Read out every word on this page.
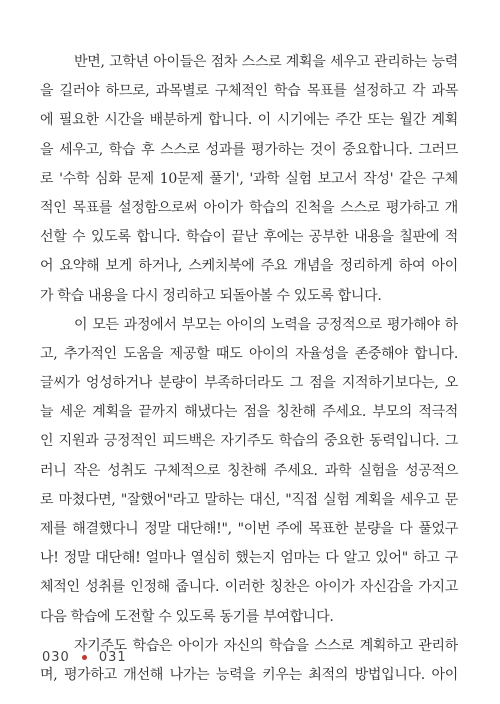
반면, 고학년 아이들은 점차 스스로 계획을 세우고 관리하는 능력
을 길러야 하므로, 과목별로 구체적인 학습 목표를 설정하고 각 과목
에 필요한 시간을 배분하게 합니다. 이 시기에는 주간 또는 월간 계획
을 세우고, 학습 후 스스로 성과를 평가하는 것이 중요합니다. 그러므
로 '수학 심화 문제 10문제 풀기', '과학 실험 보고서 작성' 같은 구체
적인 목표를 설정함으로써 아이가 학습의 진척을 스스로 평가하고 개
선할 수 있도록 합니다. 학습이 끝난 후에는 공부한 내용을 칠판에 적
어 요약해 보게 하거나, 스케치북에 주요 개념을 정리하게 하여 아이
가 학습 내용을 다시 정리하고 되돌아볼 수 있도록 합니다.
이 모든 과정에서 부모는 아이의 노력을 긍정적으로 평가해야 하
고, 추가적인 도움을 제공할 때도 아이의 자율성을 존중해야 합니다.
글씨가 엉성하거나 분량이 부족하더라도 그 점을 지적하기보다는, 오
늘 세운 계획을 끝까지 해냈다는 점을 칭찬해 주세요. 부모의 적극적
인 지원과 긍정적인 피드백은 자기주도 학습의 중요한 동력입니다. 그
러니 작은 성취도 구체적으로 칭찬해 주세요. 과학 실험을 성공적으
로 마쳤다면, "잘했어"라고 말하는 대신, "직접 실험 계획을 세우고 문
제를 해결했다니 정말 대단해!", "이번 주에 목표한 분량을 다 풀었구
나! 정말 대단해! 얼마나 열심히 했는지 엄마는 다 알고 있어" 하고 구
체적인 성취를 인정해 줍니다. 이러한 칭찬은 아이가 자신감을 가지고
다음 학습에 도전할 수 있도록 동기를 부여합니다.
자기주도 학습은 아이가 자신의 학습을 스스로 계획하고 관리하
며, 평가하고 개선해 나가는 능력을 키우는 최적의 방법입니다. 아이
030 031
